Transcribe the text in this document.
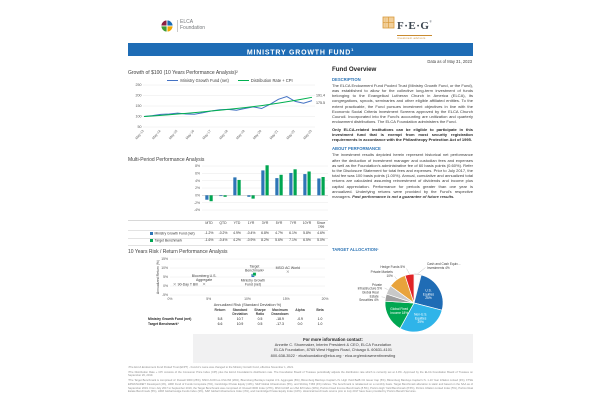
ELCA
Foundation	F·E·G®
investment advisors
MINISTRY GROWTH FUND$^1$
Data as of May 31, 2023
Growth of $100 (10 Years Performance Analysis)²
Ministry Growth Fund (net)	Distribution Rate + CPI
250
200
150
100
50
May-13 May-14 May-15 May-16 May-17 May-18 May-19 May-20 May-21 May-22 May-23
175.5
191.4
Multi-Period Performance Analysis
8%
6%
4%
2%
0%
-2%
-4%
MTD	QTD	YTD	1YR	3YR	5YR	7YR	10YR	Since
7/99
Ministry Growth Fund (net)	-1.2%	-0.2%	4.9%	-0.4%	6.8%	4.7%	6.1%	5.8%	4.6%
Target Benchmark	-1.6%	-0.4%	4.2%	-0.9%	8.2%	5.6%	7.1%	6.5%	5.0%
10 Years Risk / Return Performance Analysis
15%
10%
5%
0%
-5%
0%	5%	10%	15%	20%
Annualized Risk (Standard Deviation %)
Annualized Return (%)	90-Day T Bill
Bloomberg U.S.
Aggregate	Ministry Growth
Fund (net)
Target
Benchmark³
MSCI AC World
Return	Standard
Deviation
Sharpe
Ratio
Maximum
Drawdown
Alpha	Beta
Ministry Growth Fund (net)	5.8	10.7	0.5	-18.9	-0.9	1.0
Target Benchmark³	6.6	10.9	0.5	-17.3	0.0	1.0
Fund Overview
DESCRIPTION
The ELCA Endowment Fund Pooled Trust (Ministry Growth Fund, or the Fund), was established to allow for the collective long-term investment of funds belonging to the Evangelical Lutheran Church in America (ELCA), its congregations, synods, seminaries and other eligible affiliated entities. To the extent practicable, the Fund pursues investment objectives in line with the Economic Social Criteria Investment Screens approved by the ELCA Church Council. Incorporated into the Fund's accounting are unitization and quarterly endowment distributions. The ELCA Foundation administers the Fund.
Only ELCA-related institutions can be eligible to participate in this investment fund that is exempt from most security registration requirements in accordance with the Philanthropy Protection Act of 1995.
ABOUT PERFORMANCE
The investment results depicted herein represent historical net performance after the deduction of investment manager and custodian fees and expenses as well as the Foundation's administrative fee of 60 basis points (0.60%). Refer to the Disclosure Statement for total fees and expenses. Prior to July 2017, the total fee was 100 basis points (1.00%). Annual, cumulative and annualized total returns are calculated assuming reinvestment of dividends and income plus capital appreciation. Performance for periods greater than one year is annualized. Underlying returns were provided by the Fund's respective managers. Past performance is not a guarantee of future results.
TARGET ALLOCATION³
Cash and Cash Equiv. -
Investments 4%
U.S.
Equities
25%
Non-U.S.
Equities
29%
Global Fixed
Income 18%
Global Real
Estate
Securities 4%
Private
Infrastructure 5%
Private Markets
10%
Hedge Funds 5%
For more information contact:
Annette C. Shoemaker, Interim President & CEO, ELCA Foundation
ELCA Foundation, 8765 West Higgins Road, Chicago IL 60631-4101
800-638-3522 · elcafoundation@elca.org · elca.org/endowmentinvesting
¹The ELCA Endowment Fund Pooled Trust (EFPT) - Fund A's name was changed to the Ministry Growth Fund, effective November 1, 2021.
²The Distribution Rate + CPI consists of the Consumer Price Index (CPI) plus the ELCA Foundation's distribution rate. The Foundation Board of Trustees periodically adjusts the distribution rate which is currently set at 4.0%. Approved by the ELCA Foundation Board of Trustees on September 26, 2019.
³The Target Benchmark is comprised of: Russell 3000 (25%), MSCI ACWI ex-USA IMI (29%), Bloomberg Barclays Capital U.S. Aggregate (8%), Bloomberg Barclays Capital U.S. High Yield Ba/B 1% Issuer Cap (5%), Bloomberg Barclays Capital U.S. 1-10 Year Inflation Linked (3%), FTSE EPRA/NAREIT Developed (4%), HFRI Fund of Funds Composite (5%), Cambridge Private Equity (10%), S&P Global Infrastructure (5%), and 90-Day T-Bill (4%) indices. The benchmark is rebalanced on a monthly basis. Target Benchmark allocation is static and based on the SAA as of September 2019. From July 2017 to September 2019, the Target Benchmark was comprised of: Russell 3000 Index (27%), MSCI ACWI ex-USA IMI Index (30%), Portico Fixed Income Benchmark (8.5%), Portico High Yield Benchmark (8.5%), Portico Inflation Linked Index (5%), Portico Real Estate Benchmark (5%), HFRI Global Hedge Funds Index (3%), S&P Global Infrastructure Index (3%), and Cambridge Private Equity Index (10%). Historical benchmark returns prior to July 2017 have been provided by Portico Benefit Services.
